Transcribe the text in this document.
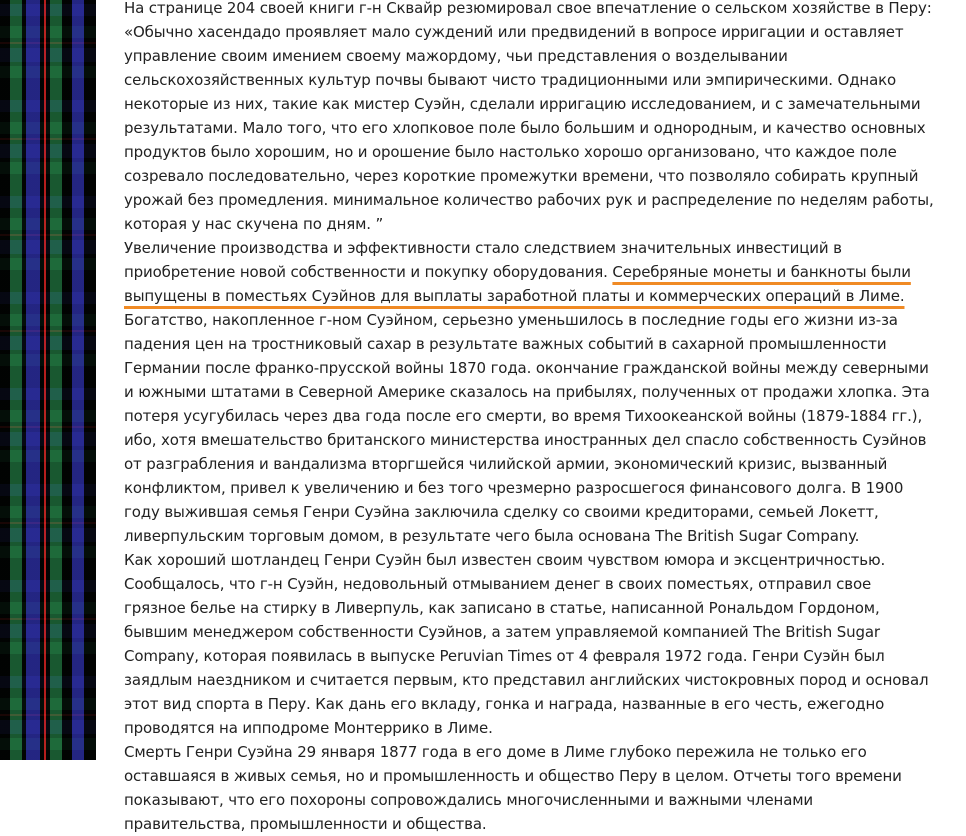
На странице 204 своей книги г-н Сквайр резюмировал свое впечатление о сельском хозяйстве в Перу: «Обычно хасендадо проявляет мало суждений или предвидений в вопросе ирригации и оставляет управление своим имением своему мажордому, чьи представления о возделывании сельскохозяйственных культур почвы бывают чисто традиционными или эмпирическими. Однако некоторые из них, такие как мистер Суэйн, сделали ирригацию исследованием, и с замечательными результатами. Мало того, что его хлопковое поле было большим и однородным, и качество основных продуктов было хорошим, но и орошение было настолько хорошо организовано, что каждое поле созревало последовательно, через короткие промежутки времени, что позволяло собирать крупный урожай без промедления. минимальное количество рабочих рук и распределение по неделям работы, которая у нас скучена по дням. ”

Увеличение производства и эффективности стало следствием значительных инвестиций в приобретение новой собственности и покупку оборудования. Серебряные монеты и банкноты были выпущены в поместьях Суэйнов для выплаты заработной платы и коммерческих операций в Лиме. Богатство, накопленное г-ном Суэйном, серьезно уменьшилось в последние годы его жизни из-за падения цен на тростниковый сахар в результате важных событий в сахарной промышленности Германии после франко-прусской войны 1870 года. окончание гражданской войны между северными и южными штатами в Северной Америке сказалось на прибылях, полученных от продажи хлопка. Эта потеря усугубилась через два года после его смерти, во время Тихоокеанской войны (1879-1884 гг.), ибо, хотя вмешательство британского министерства иностранных дел спасло собственность Суэйнов от разграбления и вандализма вторгшейся чилийской армии, экономический кризис, вызванный конфликтом, привел к увеличению и без того чрезмерно разросшегося финансового долга. В 1900 году выжившая семья Генри Суэйна заключила сделку со своими кредиторами, семьей Локетт, ливерпульским торговым домом, в результате чего была основана The British Sugar Company.

Как хороший шотландец Генри Суэйн был известен своим чувством юмора и эксцентричностью. Сообщалось, что г-н Суэйн, недовольный отмыванием денег в своих поместьях, отправил свое грязное белье на стирку в Ливерпуль, как записано в статье, написанной Рональдом Гордоном, бывшим менеджером собственности Суэйнов, а затем управляемой компанией The British Sugar Company, которая появилась в выпуске Peruvian Times от 4 февраля 1972 года. Генри Суэйн был заядлым наездником и считается первым, кто представил английских чистокровных пород и основал этот вид спорта в Перу. Как дань его вкладу, гонка и награда, названные в его честь, ежегодно проводятся на ипподроме Монтеррико в Лиме.

Смерть Генри Суэйна 29 января 1877 года в его доме в Лиме глубоко пережила не только его оставшаяся в живых семья, но и промышленность и общество Перу в целом. Отчеты того времени показывают, что его похороны сопровождались многочисленными и важными членами правительства, промышленности и общества.
